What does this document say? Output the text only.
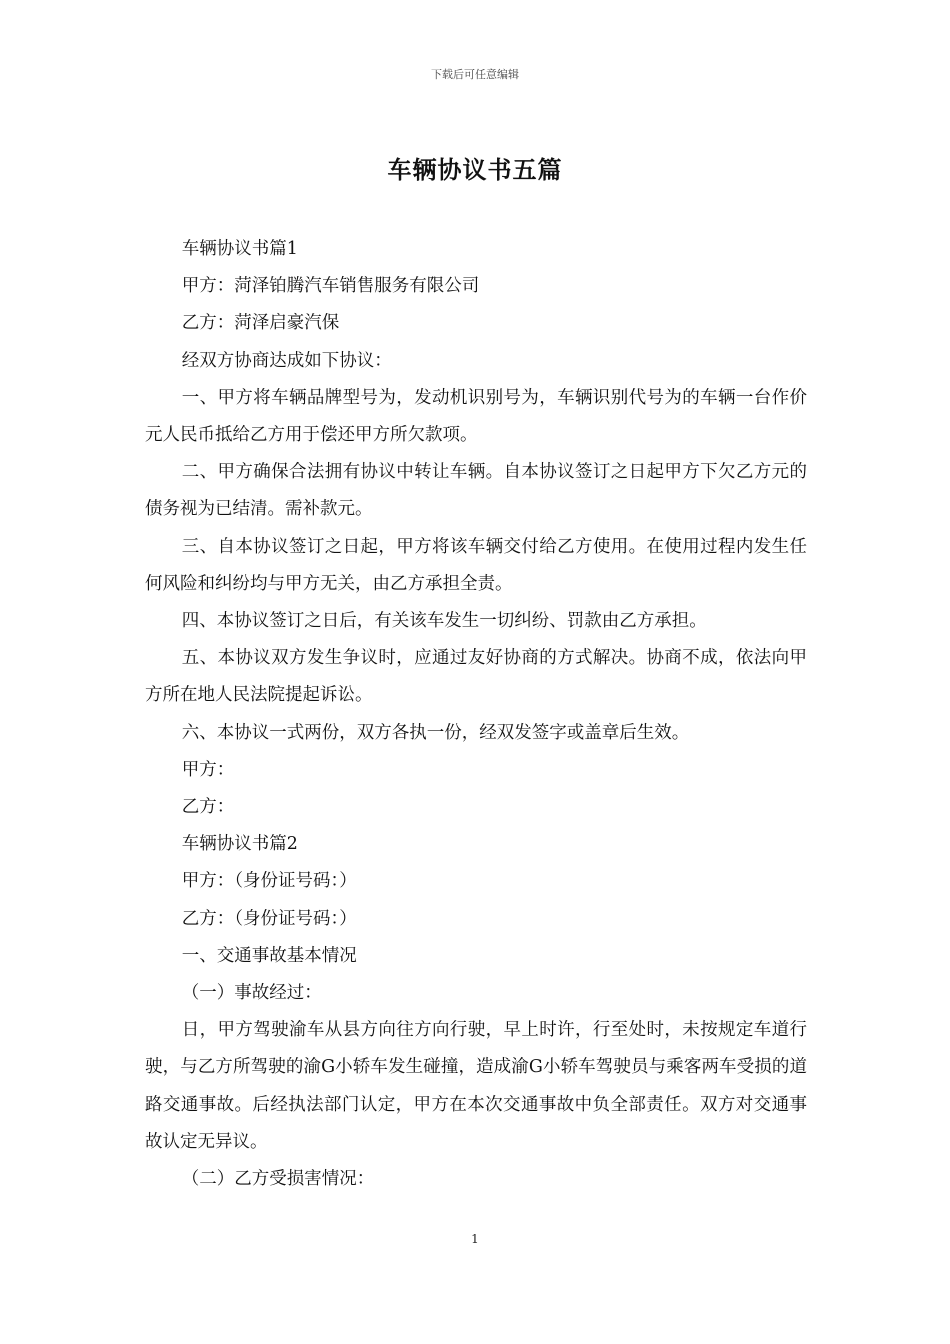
下载后可任意编辑
车辆协议书五篇

车辆协议书篇1

甲方：菏泽铂腾汽车销售服务有限公司

乙方：菏泽启豪汽保

经双方协商达成如下协议：

一、甲方将车辆品牌型号为，发动机识别号为，车辆识别代号为的车辆一台作价元人民币抵给乙方用于偿还甲方所欠款项。

二、甲方确保合法拥有协议中转让车辆。自本协议签订之日起甲方下欠乙方元的债务视为已结清。需补款元。

三、自本协议签订之日起，甲方将该车辆交付给乙方使用。在使用过程内发生任何风险和纠纷均与甲方无关，由乙方承担全责。

四、本协议签订之日后，有关该车发生一切纠纷、罚款由乙方承担。

五、本协议双方发生争议时，应通过友好协商的方式解决。协商不成，依法向甲方所在地人民法院提起诉讼。

六、本协议一式两份，双方各执一份，经双发签字或盖章后生效。

甲方：

乙方：

车辆协议书篇2

甲方：（身份证号码：）

乙方：（身份证号码：）

一、交通事故基本情况

（一）事故经过：

日，甲方驾驶渝车从县方向往方向行驶，早上时许，行至处时，未按规定车道行驶，与乙方所驾驶的渝G小轿车发生碰撞，造成渝G小轿车驾驶员与乘客两车受损的道路交通事故。后经执法部门认定，甲方在本次交通事故中负全部责任。双方对交通事故认定无异议。

（二）乙方受损害情况：

1
